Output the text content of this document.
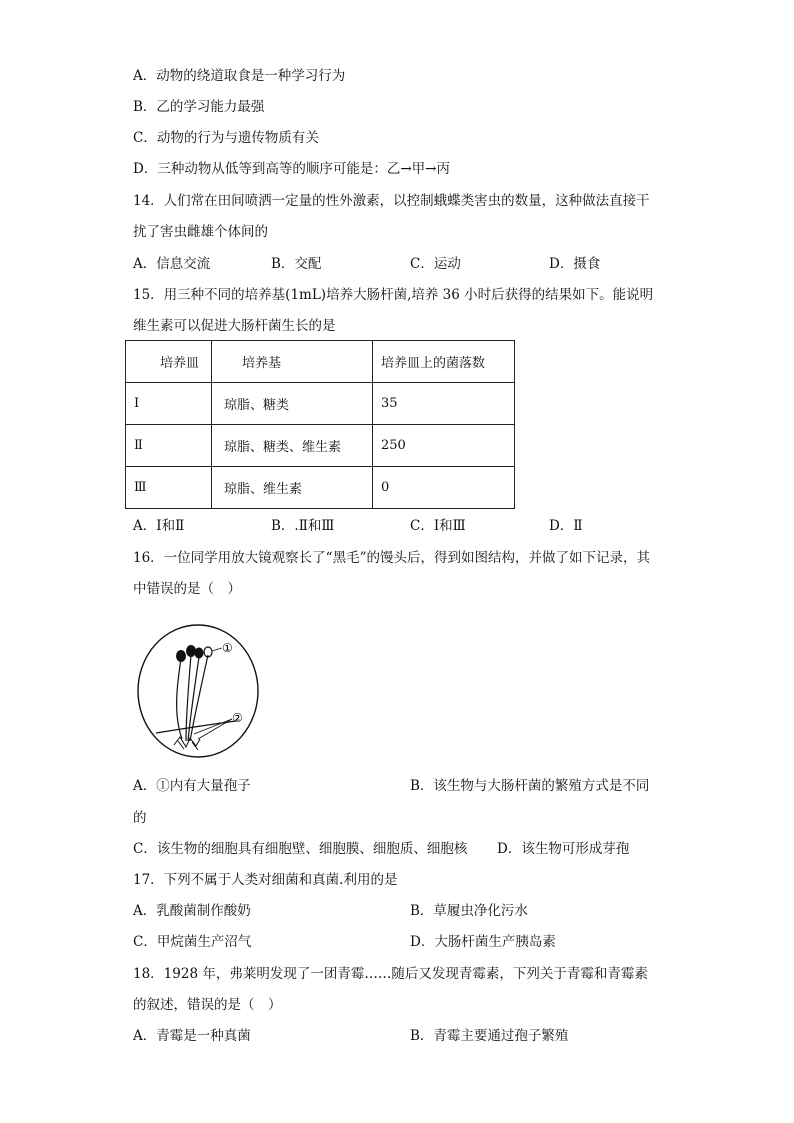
A．动物的绕道取食是一种学习行为
B．乙的学习能力最强
C．动物的行为与遗传物质有关
D．三种动物从低等到高等的顺序可能是：乙→甲→丙
14．人们常在田间喷洒一定量的性外激素，以控制蛾蝶类害虫的数量，这种做法直接干
扰了害虫雌雄个体间的
A．信息交流	B．交配	C．运动	D．摄食
15．用三种不同的培养基(1mL)培养大肠杆菌,培养 36 小时后获得的结果如下。能说明
维生素可以促进大肠杆菌生长的是
培养皿	培养基	培养皿上的菌落数
Ⅰ	琼脂、糖类	35
Ⅱ	琼脂、糖类、维生素	250
Ⅲ	琼脂、维生素	0
A．Ⅰ和Ⅱ	B．.Ⅱ和Ⅲ	C．Ⅰ和Ⅲ	D．Ⅱ
16．一位同学用放大镜观察长了“黑毛”的馒头后，得到如图结构，并做了如下记录，其
中错误的是（　）
①
②
A．①内有大量孢子	B．该生物与大肠杆菌的繁殖方式是不同
的
C．该生物的细胞具有细胞壁、细胞膜、细胞质、细胞核 D．该生物可形成芽孢
17．下列不属于人类对细菌和真菌.利用的是
A．乳酸菌制作酸奶	B．草履虫净化污水
C．甲烷菌生产沼气	D．大肠杆菌生产胰岛素
18．1928 年，弗莱明发现了一团青霉……随后又发现青霉素，下列关于青霉和青霉素
的叙述，错误的是（　）
A．青霉是一种真菌	B．青霉主要通过孢子繁殖
